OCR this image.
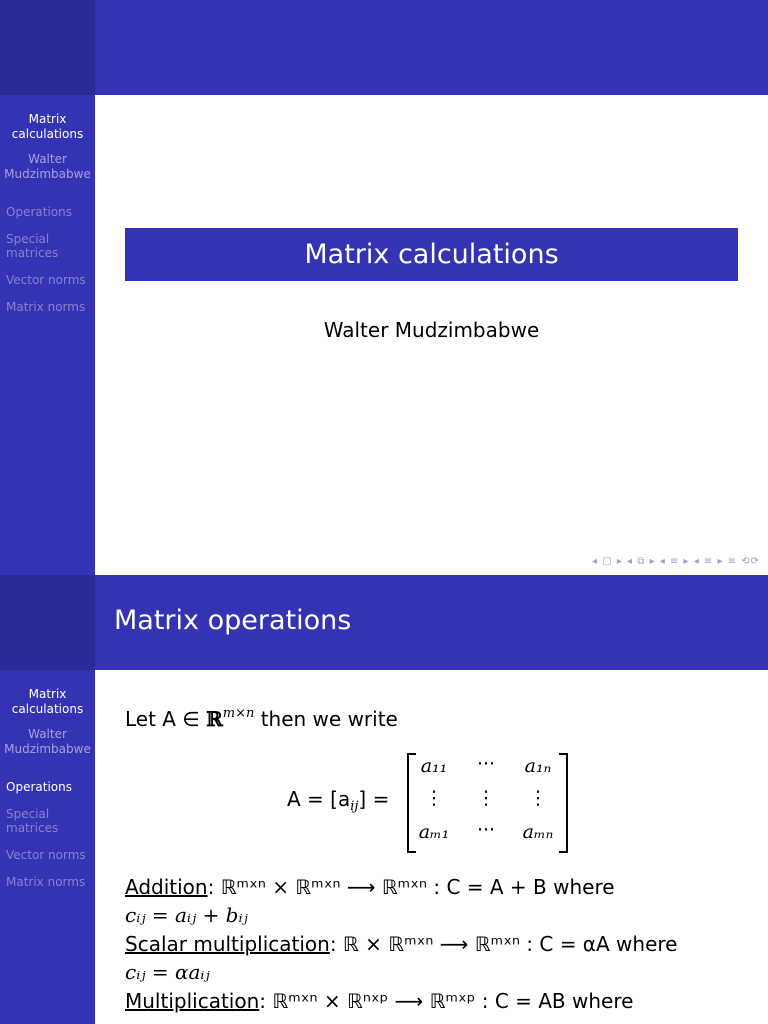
Matrix calculations
Walter Mudzimbabwe
Operations
Special matrices
Vector norms
Matrix norms
Matrix calculations
Walter Mudzimbabwe
◂ ▢ ▸ ◂ ⧉ ▸ ◂ ≡ ▸ ◂ ≡ ▸ ≡ ⟲⟳
Matrix operations
Matrix calculations
Walter Mudzimbabwe
Operations
Special matrices
Vector norms
Matrix norms
Let A ∈ ℝ$^{m\times n}$ then we write
$A = [a_{ij}]$ =
a₁₁	···	a₁ₙ
⋮	⋮	⋮
aₘ₁	···	aₘₙ
Addition: ℝᵐˣⁿ × ℝᵐˣⁿ ⟶ ℝᵐˣⁿ : C = A + B where
cᵢⱼ = aᵢⱼ + bᵢⱼ
Scalar multiplication: ℝ × ℝᵐˣⁿ ⟶ ℝᵐˣⁿ : C = αA where
cᵢⱼ = αaᵢⱼ
Multiplication: ℝᵐˣⁿ × ℝⁿˣᵖ ⟶ ℝᵐˣᵖ : C = AB where
